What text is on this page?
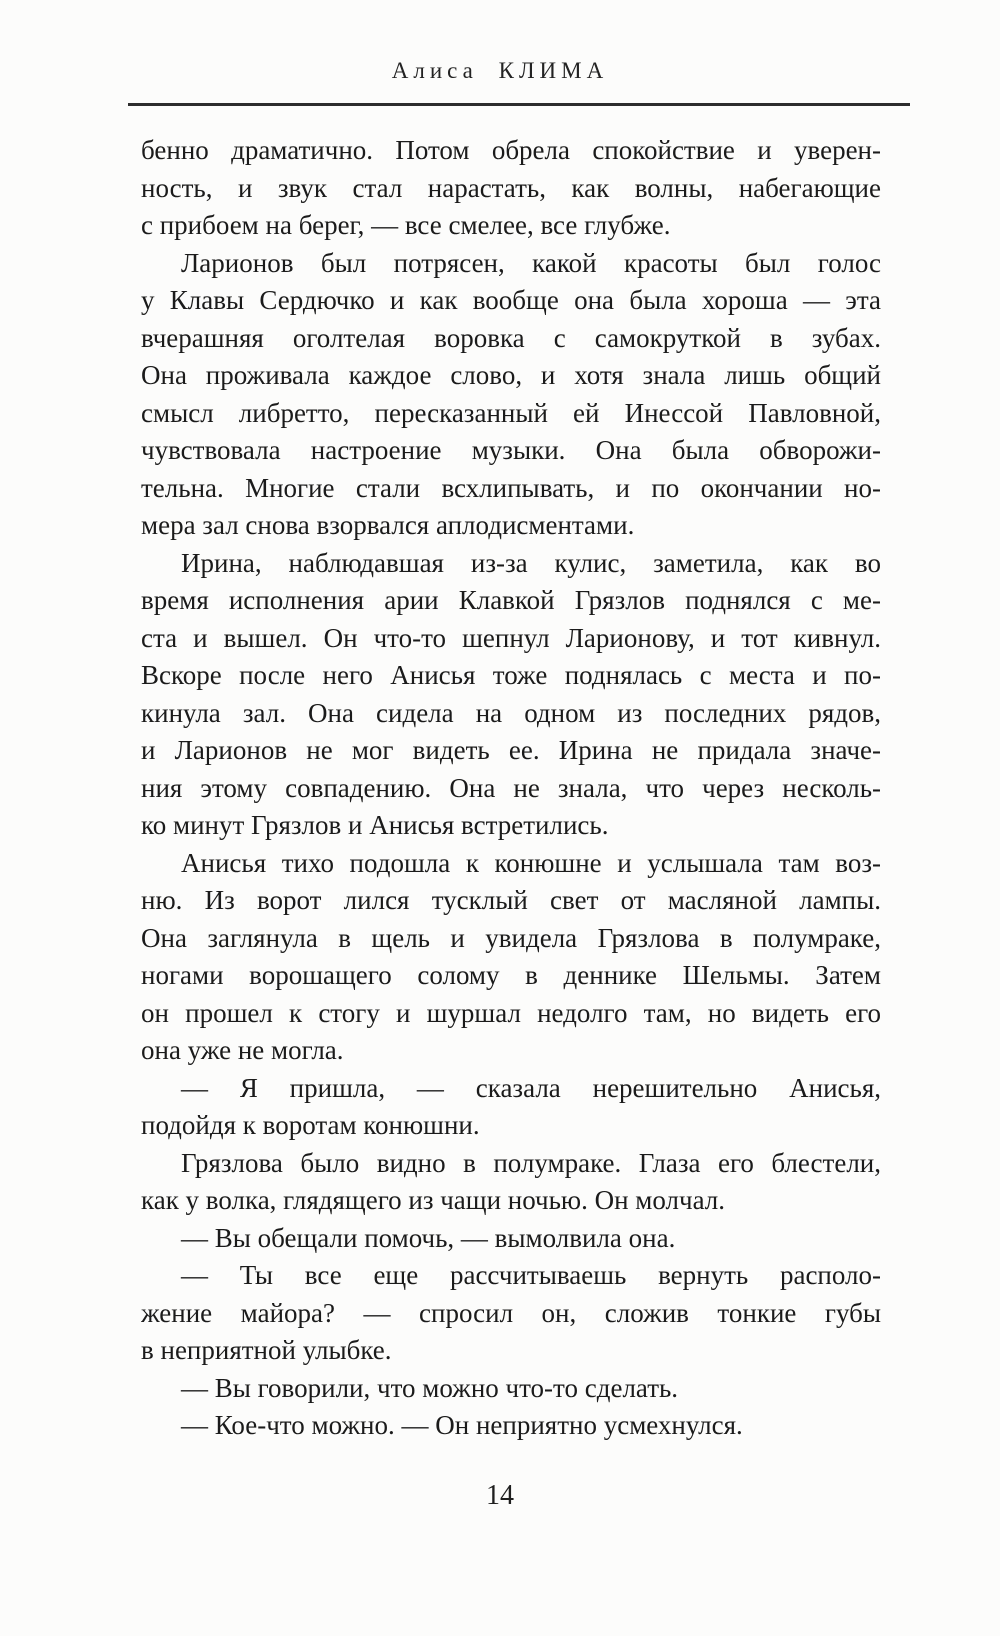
Алиса КЛИМА
бенно драматично. Потом обрела спокойствие и уверен-
ность, и звук стал нарастать, как волны, набегающие
с прибоем на берег, — все смелее, все глубже.
Ларионов был потрясен, какой красоты был голос
у Клавы Сердючко и как вообще она была хороша — эта
вчерашняя оголтелая воровка с самокруткой в зубах.
Она проживала каждое слово, и хотя знала лишь общий
смысл либретто, пересказанный ей Инессой Павловной,
чувствовала настроение музыки. Она была обворожи-
тельна. Многие стали всхлипывать, и по окончании но-
мера зал снова взорвался аплодисментами.
Ирина, наблюдавшая из-за кулис, заметила, как во
время исполнения арии Клавкой Грязлов поднялся с ме-
ста и вышел. Он что-то шепнул Ларионову, и тот кивнул.
Вскоре после него Анисья тоже поднялась с места и по-
кинула зал. Она сидела на одном из последних рядов,
и Ларионов не мог видеть ее. Ирина не придала значе-
ния этому совпадению. Она не знала, что через несколь-
ко минут Грязлов и Анисья встретились.
Анисья тихо подошла к конюшне и услышала там воз-
ню. Из ворот лился тусклый свет от масляной лампы.
Она заглянула в щель и увидела Грязлова в полумраке,
ногами ворошащего солому в деннике Шельмы. Затем
он прошел к стогу и шуршал недолго там, но видеть его
она уже не могла.
— Я пришла, — сказала нерешительно Анисья,
подойдя к воротам конюшни.
Грязлова было видно в полумраке. Глаза его блестели,
как у волка, глядящего из чащи ночью. Он молчал.
— Вы обещали помочь, — вымолвила она.
— Ты все еще рассчитываешь вернуть располо-
жение майора? — спросил он, сложив тонкие губы
в неприятной улыбке.
— Вы говорили, что можно что-то сделать.
— Кое-что можно. — Он неприятно усмехнулся.
14
